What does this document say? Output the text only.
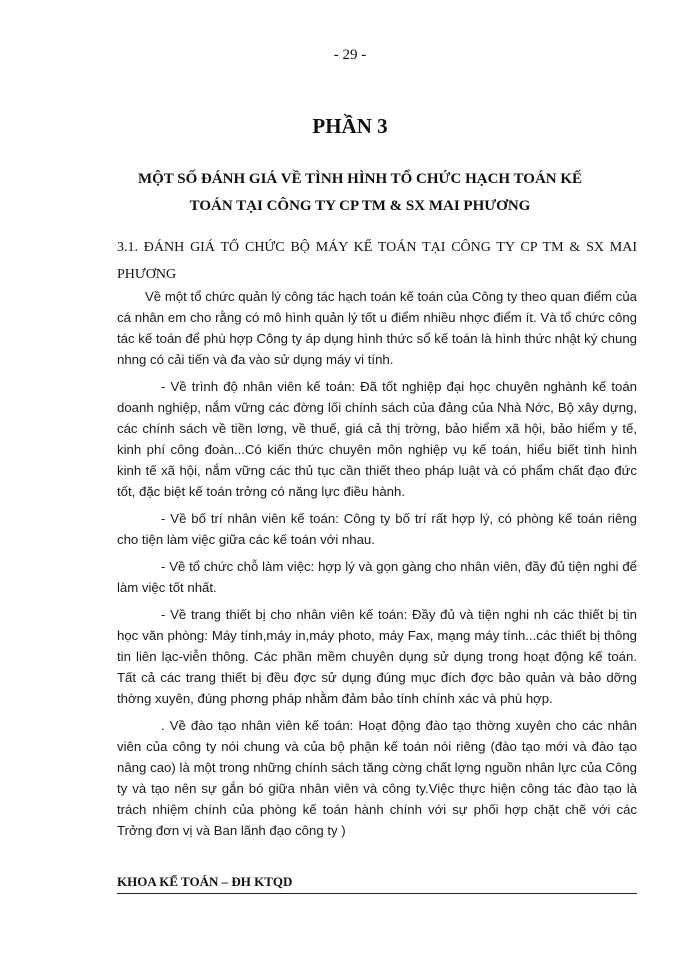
- 29 -
PHẦN 3
MỘT SỐ ĐÁNH GIÁ VỀ TÌNH HÌNH TỔ CHỨC HẠCH TOÁN KẾ TOÁN TẠI CÔNG TY CP TM & SX MAI PHƯƠNG
3.1. ĐÁNH GIÁ TỔ CHỨC BỘ MÁY KẾ TOÁN TẠI CÔNG TY CP TM & SX MAI PHƯƠNG

Về một tổ chức quản lý công tác hạch toán kế toán của Công ty theo quan điểm của cá nhân em cho rằng có mô hình quản lý tốt u điểm nhiều nhợc điểm ít. Và tổ chức công tác kế toán để phù hợp Công ty áp dụng hình thức sổ kế toán là hình thức nhật ký chung nhng có cải tiến và đa vào sử dụng máy vi tính.

- Về trình độ nhân viên kế toán: Đã tốt nghiệp đại học chuyên nghành kế toán doanh nghiệp, nắm vững các đờng lối chính sách của đảng của Nhà Nớc, Bộ xây dựng, các chính sách về tiền lơng, về thuế, giá cả thị trờng, bảo hiểm xã hội, bảo hiểm y tế, kinh phí công đoàn...Có kiến thức chuyên môn nghiệp vụ kế toán, hiểu biết tình hình kinh tế xã hội, nắm vững các thủ tục cần thiết theo pháp luật và có phẩm chất đạo đức tốt, đặc biệt kế toán trởng có năng lực điều hành.

- Về bố trí nhân viên kế toán: Công ty bố trí rất hợp lý, có phòng kế toán riêng cho tiện làm việc giữa các kế toán với nhau.

- Về tổ chức chỗ làm việc: hợp lý và gọn gàng cho nhân viên, đầy đủ tiện nghi để làm việc tốt nhất.

- Về trang thiết bị cho nhân viên kế toán: Đầy đủ và tiện nghi nh các thiết bị tin học văn phòng: Máy tính,máy in,máy photo, máy Fax, mạng máy tính...các thiết bị thông tin liên lạc-viễn thông. Các phần mềm chuyên dụng sử dụng trong hoạt động kế toán. Tất cả các trang thiết bị đều đợc sử dụng đúng mục đích đợc bảo quản và bảo dỡng thờng xuyên, đúng phơng pháp nhằm đảm bảo tính chính xác và phù hợp.

. Về đào tạo nhân viên kế toán: Hoạt động đào tạo thờng xuyên cho các nhân viên của công ty nói chung và của bộ phận kế toán nói riêng (đào tạo mới và đào tạo nâng cao) là một trong những chính sách tăng cờng chất lợng nguồn nhân lực của Công ty và tạo nên sự gắn bó giữa nhân viên và công ty.Việc thực hiện công tác đào tạo là trách nhiệm chính của phòng kế toán hành chính với sự phối hợp chặt chẽ với các Trởng đơn vị và Ban lãnh đạo công ty )

KHOA KẾ TOÁN – ĐH KTQD
